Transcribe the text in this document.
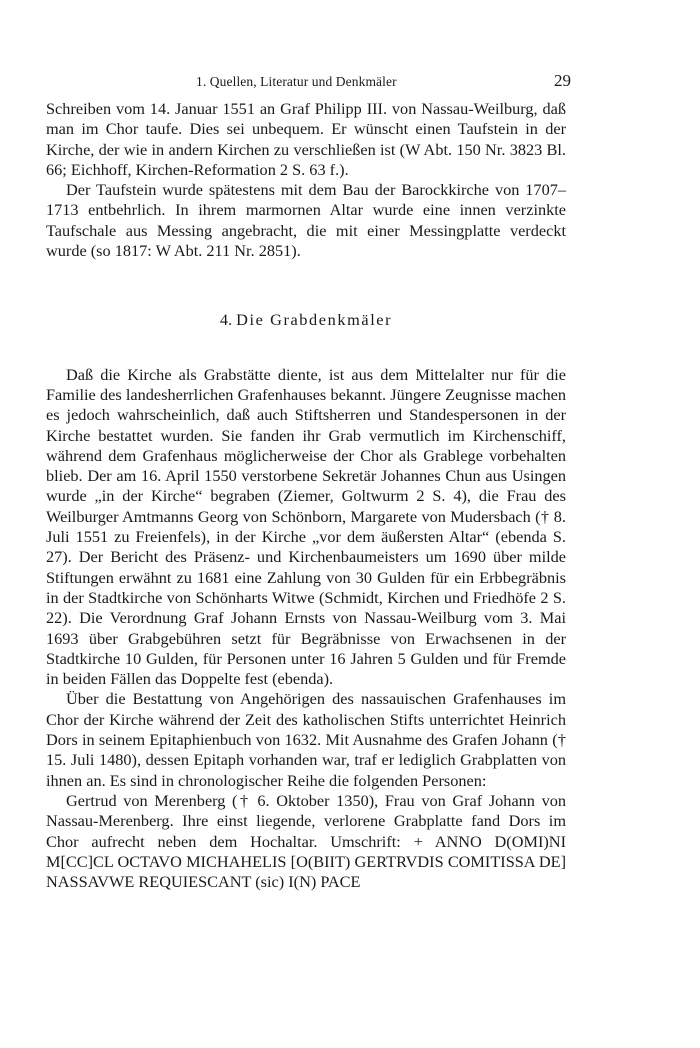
1. Quellen, Literatur und Denkmäler	29

Schreiben vom 14. Januar 1551 an Graf Philipp III. von Nassau-Weilburg, daß man im Chor taufe. Dies sei unbequem. Er wünscht einen Taufstein in der Kirche, der wie in andern Kirchen zu verschließen ist (W Abt. 150 Nr. 3823 Bl. 66; Eichhoff, Kirchen-Reformation 2 S. 63 f.).

Der Taufstein wurde spätestens mit dem Bau der Barockkirche von 1707–1713 entbehrlich. In ihrem marmornen Altar wurde eine innen verzinkte Taufschale aus Messing angebracht, die mit einer Messingplatte verdeckt wurde (so 1817: W Abt. 211 Nr. 2851).

4. Die Grabdenkmäler

Daß die Kirche als Grabstätte diente, ist aus dem Mittelalter nur für die Familie des landesherrlichen Grafenhauses bekannt. Jüngere Zeugnisse machen es jedoch wahrscheinlich, daß auch Stiftsherren und Standespersonen in der Kirche bestattet wurden. Sie fanden ihr Grab vermutlich im Kirchenschiff, während dem Grafenhaus möglicherweise der Chor als Grablege vorbehalten blieb. Der am 16. April 1550 verstorbene Sekretär Johannes Chun aus Usingen wurde „in der Kirche“ begraben (Ziemer, Goltwurm 2 S. 4), die Frau des Weilburger Amtmanns Georg von Schönborn, Margarete von Mudersbach († 8. Juli 1551 zu Freienfels), in der Kirche „vor dem äußersten Altar“ (ebenda S. 27). Der Bericht des Präsenz- und Kirchenbaumeisters um 1690 über milde Stiftungen erwähnt zu 1681 eine Zahlung von 30 Gulden für ein Erbbegräbnis in der Stadtkirche von Schönharts Witwe (Schmidt, Kirchen und Friedhöfe 2 S. 22). Die Verordnung Graf Johann Ernsts von Nassau-Weilburg vom 3. Mai 1693 über Grabgebühren setzt für Begräbnisse von Erwachsenen in der Stadtkirche 10 Gulden, für Personen unter 16 Jahren 5 Gulden und für Fremde in beiden Fällen das Doppelte fest (ebenda).

Über die Bestattung von Angehörigen des nassauischen Grafenhauses im Chor der Kirche während der Zeit des katholischen Stifts unterrichtet Heinrich Dors in seinem Epitaphienbuch von 1632. Mit Ausnahme des Grafen Johann († 15. Juli 1480), dessen Epitaph vorhanden war, traf er lediglich Grabplatten von ihnen an. Es sind in chronologischer Reihe die folgenden Personen:

Gertrud von Merenberg († 6. Oktober 1350), Frau von Graf Johann von Nassau-Merenberg. Ihre einst liegende, verlorene Grabplatte fand Dors im Chor aufrecht neben dem Hochaltar. Umschrift: + ANNO D(OMI)NI M[CC]CL OCTAVO MICHAHELIS [O(BIIT) GERTRVDIS COMITISSA DE] NASSAVWE REQUIESCANT (sic) I(N) PACE
